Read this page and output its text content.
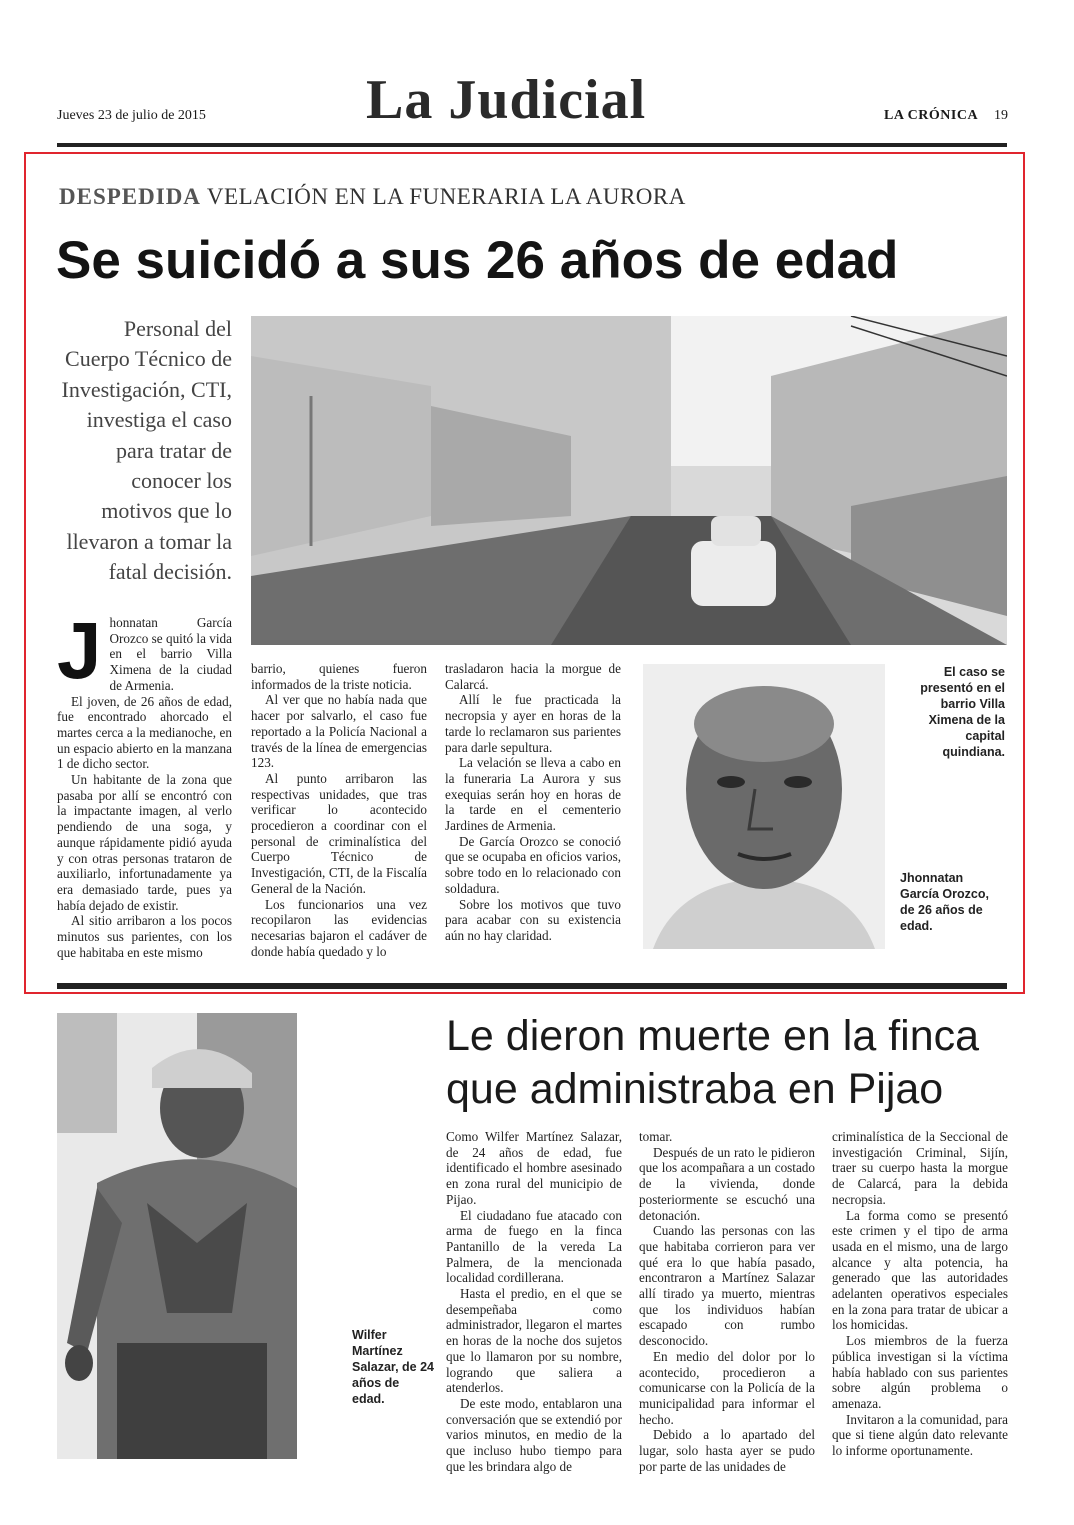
Jueves 23 de julio de 2015	La Judicial	LA CRÓNICA 19
DESPEDIDA VELACIÓN EN LA FUNERARIA LA AURORA
Se suicidó a sus 26 años de edad
Personal del Cuerpo Técnico de Investigación, CTI, investiga el caso para tratar de conocer los motivos que lo llevaron a tomar la fatal decisión.
J honnatan García Orozco se quitó la vida en el barrio Villa Ximena de la ciudad de Armenia.

El joven, de 26 años de edad, fue encontrado ahorcado el martes cerca a la medianoche, en un espacio abierto en la manzana 1 de dicho sector.

Un habitante de la zona que pasaba por allí se encontró con la impactante imagen, al verlo pendiendo de una soga, y aunque rápidamente pidió ayuda y con otras personas trataron de auxiliarlo, infortunadamente ya era demasiado tarde, pues ya había dejado de existir.

Al sitio arribaron a los pocos minutos sus parientes, con los que habitaba en este mismo

barrio, quienes fueron informados de la triste noticia.

Al ver que no había nada que hacer por salvarlo, el caso fue reportado a la Policía Nacional a través de la línea de emergencias 123.

Al punto arribaron las respectivas unidades, que tras verificar lo acontecido procedieron a coordinar con el personal de criminalística del Cuerpo Técnico de Investigación, CTI, de la Fiscalía General de la Nación.

Los funcionarios una vez recopilaron las evidencias necesarias bajaron el cadáver de donde había quedado y lo

trasladaron hacia la morgue de Calarcá.

Allí le fue practicada la necropsia y ayer en horas de la tarde lo reclamaron sus parientes para darle sepultura.

La velación se lleva a cabo en la funeraria La Aurora y sus exequias serán hoy en horas de la tarde en el cementerio Jardines de Armenia.

De García Orozco se conoció que se ocupaba en oficios varios, sobre todo en lo relacionado con soldadura.

Sobre los motivos que tuvo para acabar con su existencia aún no hay claridad.

El caso se presentó en el barrio Villa Ximena de la capital quindiana.
Jhonnatan García Orozco, de 26 años de edad.
Wilfer Martínez Salazar, de 24 años de edad.
Le dieron muerte en la finca que administraba en Pijao

Como Wilfer Martínez Salazar, de 24 años de edad, fue identificado el hombre asesinado en zona rural del municipio de Pijao.

El ciudadano fue atacado con arma de fuego en la finca Pantanillo de la vereda La Palmera, de la mencionada localidad cordillerana.

Hasta el predio, en el que se desempeñaba como administrador, llegaron el martes en horas de la noche dos sujetos que lo llamaron por su nombre, logrando que saliera a atenderlos.

De este modo, entablaron una conversación que se extendió por varios minutos, en medio de la que incluso hubo tiempo para que les brindara algo de

tomar.

Después de un rato le pidieron que los acompañara a un costado de la vivienda, donde posteriormente se escuchó una detonación.

Cuando las personas con las que habitaba corrieron para ver qué era lo que había pasado, encontraron a Martínez Salazar allí tirado ya muerto, mientras que los individuos habían escapado con rumbo desconocido.

En medio del dolor por lo acontecido, procedieron a comunicarse con la Policía de la municipalidad para informar el hecho.

Debido a lo apartado del lugar, solo hasta ayer se pudo por parte de las unidades de

criminalística de la Seccional de investigación Criminal, Sijín, traer su cuerpo hasta la morgue de Calarcá, para la debida necropsia.

La forma como se presentó este crimen y el tipo de arma usada en el mismo, una de largo alcance y alta potencia, ha generado que las autoridades adelanten operativos especiales en la zona para tratar de ubicar a los homicidas.

Los miembros de la fuerza pública investigan si la víctima había hablado con sus parientes sobre algún problema o amenaza.

Invitaron a la comunidad, para que si tiene algún dato relevante lo informe oportunamente.
